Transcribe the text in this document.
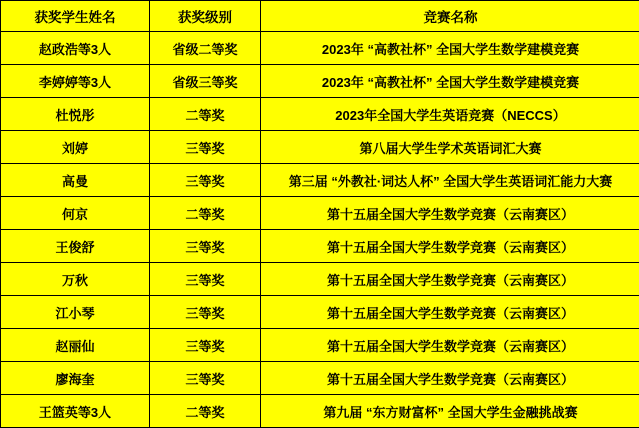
获奖学生姓名	获奖级别	竞赛名称
赵政浩等3人	省级二等奖	2023年 “高教社杯” 全国大学生数学建模竞赛
李婷婷等3人	省级三等奖	2023年 “高教社杯” 全国大学生数学建模竞赛
杜悦彤	二等奖	2023年全国大学生英语竞赛（NECCS）
刘婷	三等奖	第八届大学生学术英语词汇大赛
高曼	三等奖	第三届 “外教社·词达人杯” 全国大学生英语词汇能力大赛
何京	二等奖	第十五届全国大学生数学竞赛（云南赛区）
王俊舒	三等奖	第十五届全国大学生数学竞赛（云南赛区）
万秋	三等奖	第十五届全国大学生数学竞赛（云南赛区）
江小琴	三等奖	第十五届全国大学生数学竞赛（云南赛区）
赵丽仙	三等奖	第十五届全国大学生数学竞赛（云南赛区）
廖海奎	三等奖	第十五届全国大学生数学竞赛（云南赛区）
王篮英等3人	二等奖	第九届 “东方财富杯” 全国大学生金融挑战赛
